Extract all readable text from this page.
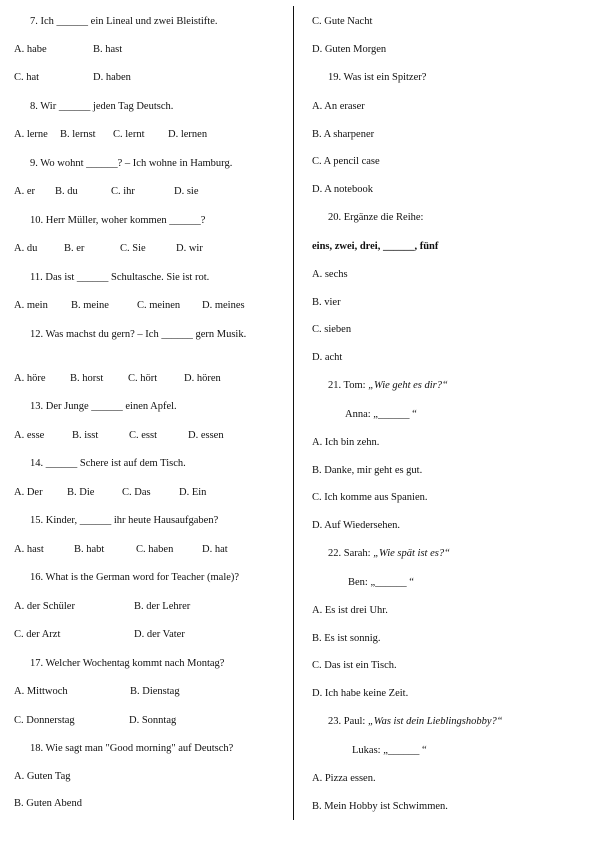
7. Ich ______ ein Lineal und zwei Bleistifte.
A. habe	B. hast
C. hat	D. haben
8. Wir ______ jeden Tag Deutsch.
A. lerne B. lernst C. lernt D. lernen
9. Wo wohnt ______? – Ich wohne in Hamburg.
A. er B. du	C. ihr	D. sie
10. Herr Müller, woher kommen ______?
A. du	B. er	C. Sie	D. wir
11. Das ist ______ Schultasche. Sie ist rot.
A. mein B. meine	C. meinen D. meines
12. Was machst du gern? – Ich ______ gern Musik.
A. höre B. horst C. hört	D. hören
13. Der Junge ______ einen Apfel.
A. esse	B. isst	C. esst	D. essen
14. ______ Schere ist auf dem Tisch.
A. Der B. Die	C. Das	D. Ein
15. Kinder, ______ ihr heute Hausaufgaben?
A. hast	B. habt	C. haben	D. hat
16. What is the German word for Teacher (male)?
A. der Schüler	B. der Lehrer
C. der Arzt	D. der Vater
17. Welcher Wochentag kommt nach Montag?
A. Mittwoch	B. Dienstag
C. Donnerstag	D. Sonntag
18. Wie sagt man "Good morning" auf Deutsch?
A. Guten Tag
B. Guten Abend
C. Gute Nacht
D. Guten Morgen
19. Was ist ein Spitzer?
A. An eraser
B. A sharpener
C. A pencil case
D. A notebook
20. Ergänze die Reihe:
eins, zwei, drei, ______, fünf
A. sechs
B. vier
C. sieben
D. acht
21. Tom: „Wie geht es dir?“
Anna: „______ “
A. Ich bin zehn.
B. Danke, mir geht es gut.
C. Ich komme aus Spanien.
D. Auf Wiedersehen.
22. Sarah: „Wie spät ist es?“
Ben: „______ “
A. Es ist drei Uhr.
B. Es ist sonnig.
C. Das ist ein Tisch.
D. Ich habe keine Zeit.
23. Paul: „Was ist dein Lieblingshobby?“
Lukas: „______ “
A. Pizza essen.
B. Mein Hobby ist Schwimmen.
